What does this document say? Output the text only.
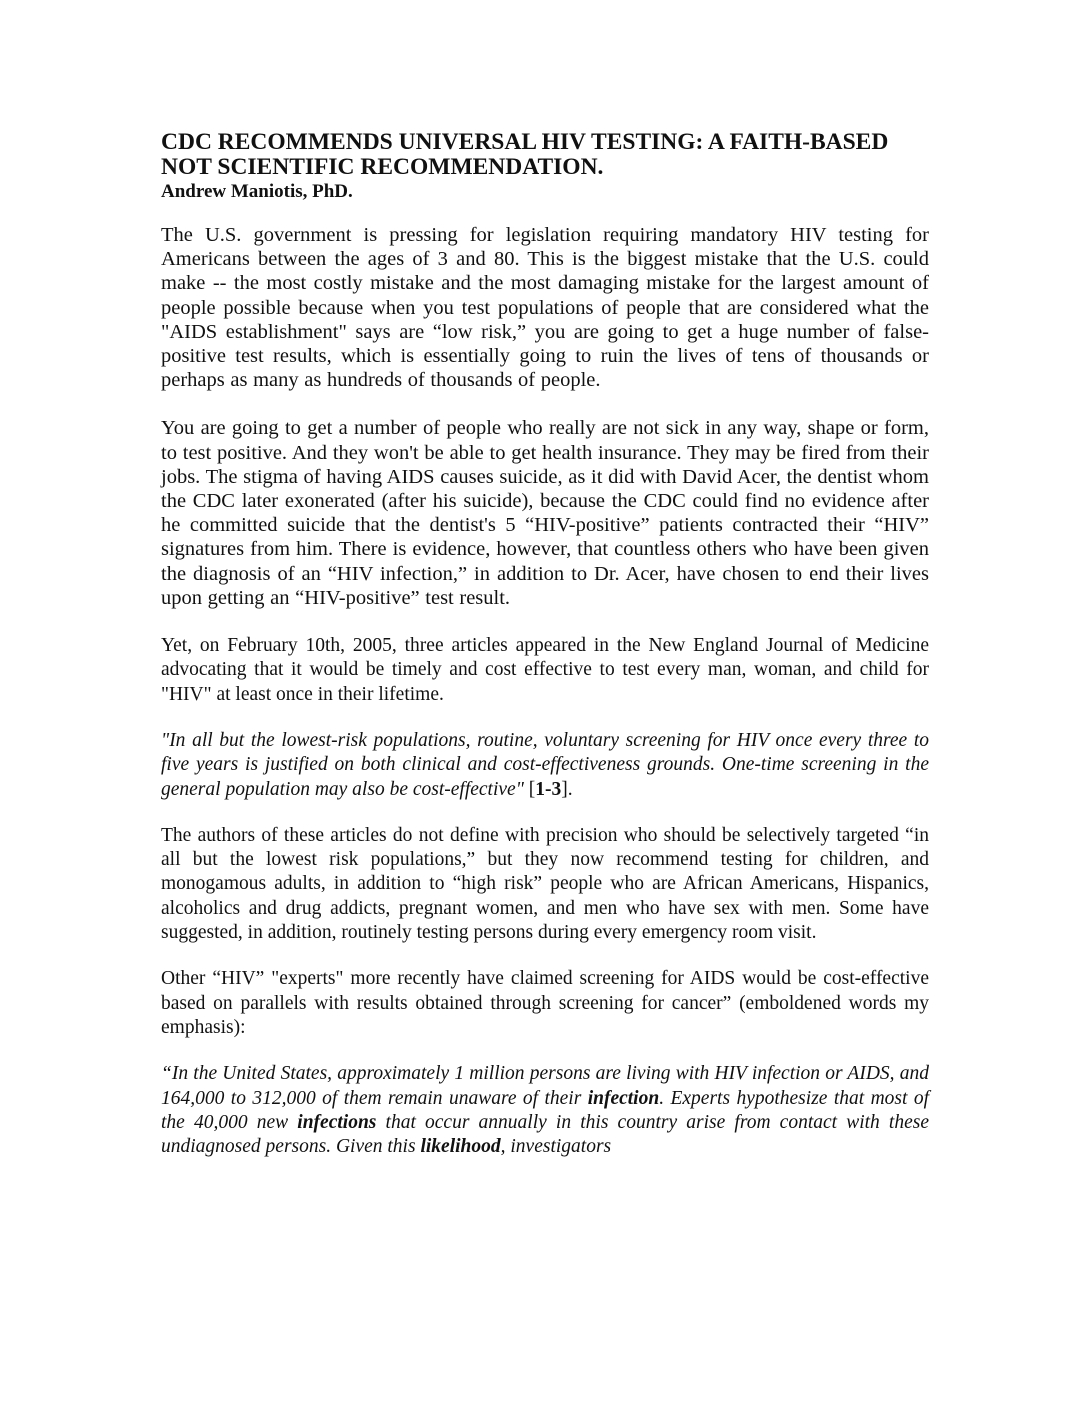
CDC RECOMMENDS UNIVERSAL HIV TESTING: A FAITH-BASED NOT SCIENTIFIC RECOMMENDATION.
Andrew Maniotis, PhD.

The U.S. government is pressing for legislation requiring mandatory HIV testing for Americans between the ages of 3 and 80. This is the biggest mistake that the U.S. could make -- the most costly mistake and the most damaging mistake for the largest amount of people possible because when you test populations of people that are considered what the "AIDS establishment" says are “low risk,” you are going to get a huge number of false-positive test results, which is essentially going to ruin the lives of tens of thousands or perhaps as many as hundreds of thousands of people.

You are going to get a number of people who really are not sick in any way, shape or form, to test positive. And they won't be able to get health insurance. They may be fired from their jobs. The stigma of having AIDS causes suicide, as it did with David Acer, the dentist whom the CDC later exonerated (after his suicide), because the CDC could find no evidence after he committed suicide that the dentist's 5 “HIV-positive” patients contracted their “HIV” signatures from him. There is evidence, however, that countless others who have been given the diagnosis of an “HIV infection,” in addition to Dr. Acer, have chosen to end their lives upon getting an “HIV-positive” test result.

Yet, on February 10th, 2005, three articles appeared in the New England Journal of Medicine advocating that it would be timely and cost effective to test every man, woman, and child for "HIV" at least once in their lifetime.

"In all but the lowest-risk populations, routine, voluntary screening for HIV once every three to five years is justified on both clinical and cost-effectiveness grounds. One-time screening in the general population may also be cost-effective" [1-3].

The authors of these articles do not define with precision who should be selectively targeted “in all but the lowest risk populations,” but they now recommend testing for children, and monogamous adults, in addition to “high risk” people who are African Americans, Hispanics, alcoholics and drug addicts, pregnant women, and men who have sex with men. Some have suggested, in addition, routinely testing persons during every emergency room visit.

Other “HIV” "experts" more recently have claimed screening for AIDS would be cost-effective based on parallels with results obtained through screening for cancer” (emboldened words my emphasis):

“In the United States, approximately 1 million persons are living with HIV infection or AIDS, and 164,000 to 312,000 of them remain unaware of their infection. Experts hypothesize that most of the 40,000 new infections that occur annually in this country arise from contact with these undiagnosed persons. Given this likelihood, investigators
